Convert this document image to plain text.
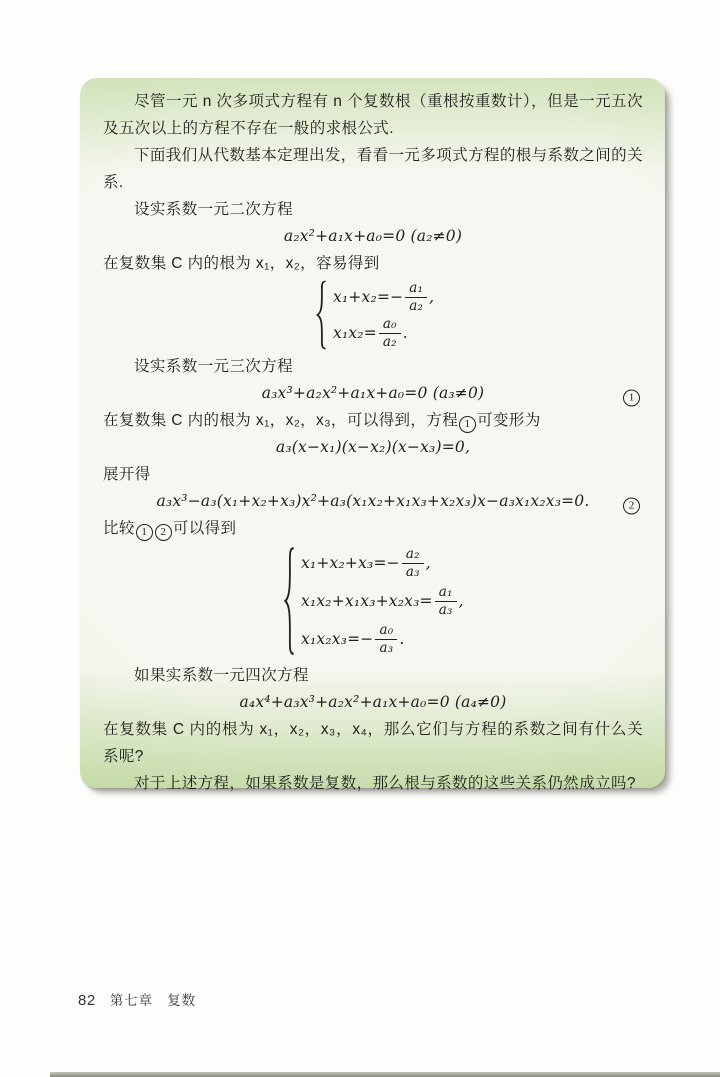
尽管一元 n 次多项式方程有 n 个复数根（重根按重数计），但是一元五次及五次以上的方程不存在一般的求根公式.

下面我们从代数基本定理出发，看看一元多项式方程的根与系数之间的关系.

设实系数一元二次方程

a₂x²+a₁x+a₀=0 (a₂≠0)

在复数集 C 内的根为 x₁，x₂，容易得到

$x_1+x_2=- \frac{\text{a₁}}{\text{a₂}}$ ,
$x_1x_2= \frac{\text{a₀}}{\text{a₂}}$ .

设实系数一元三次方程

a₃x³+a₂x²+a₁x+a₀=0 (a₃≠0)	1

在复数集 C 内的根为 x₁，x₂，x₃，可以得到，方程 1 可变形为

a₃(x−x₁)(x−x₂)(x−x₃)=0,

展开得

a₃x³−a₃(x₁+x₂+x₃)x²+a₃(x₁x₂+x₁x₃+x₂x₃)x−a₃x₁x₂x₃=0.	2

比较 1 2 可以得到

$x_1+x_2+x_3=- \frac{\text{a₂}}{\text{a₃}}$ ,
$x_1x_2+x_1x_3+x_2x_3= \frac{\text{a₁}}{\text{a₃}}$ ,
$x_1x_2x_3=- \frac{\text{a₀}}{\text{a₃}}$ .

如果实系数一元四次方程

a₄x⁴+a₃x³+a₂x²+a₁x+a₀=0 (a₄≠0)

在复数集 C 内的根为 x₁，x₂，x₃，x₄，那么它们与方程的系数之间有什么关系呢?

对于上述方程，如果系数是复数，那么根与系数的这些关系仍然成立吗?

82 第七章 复数
